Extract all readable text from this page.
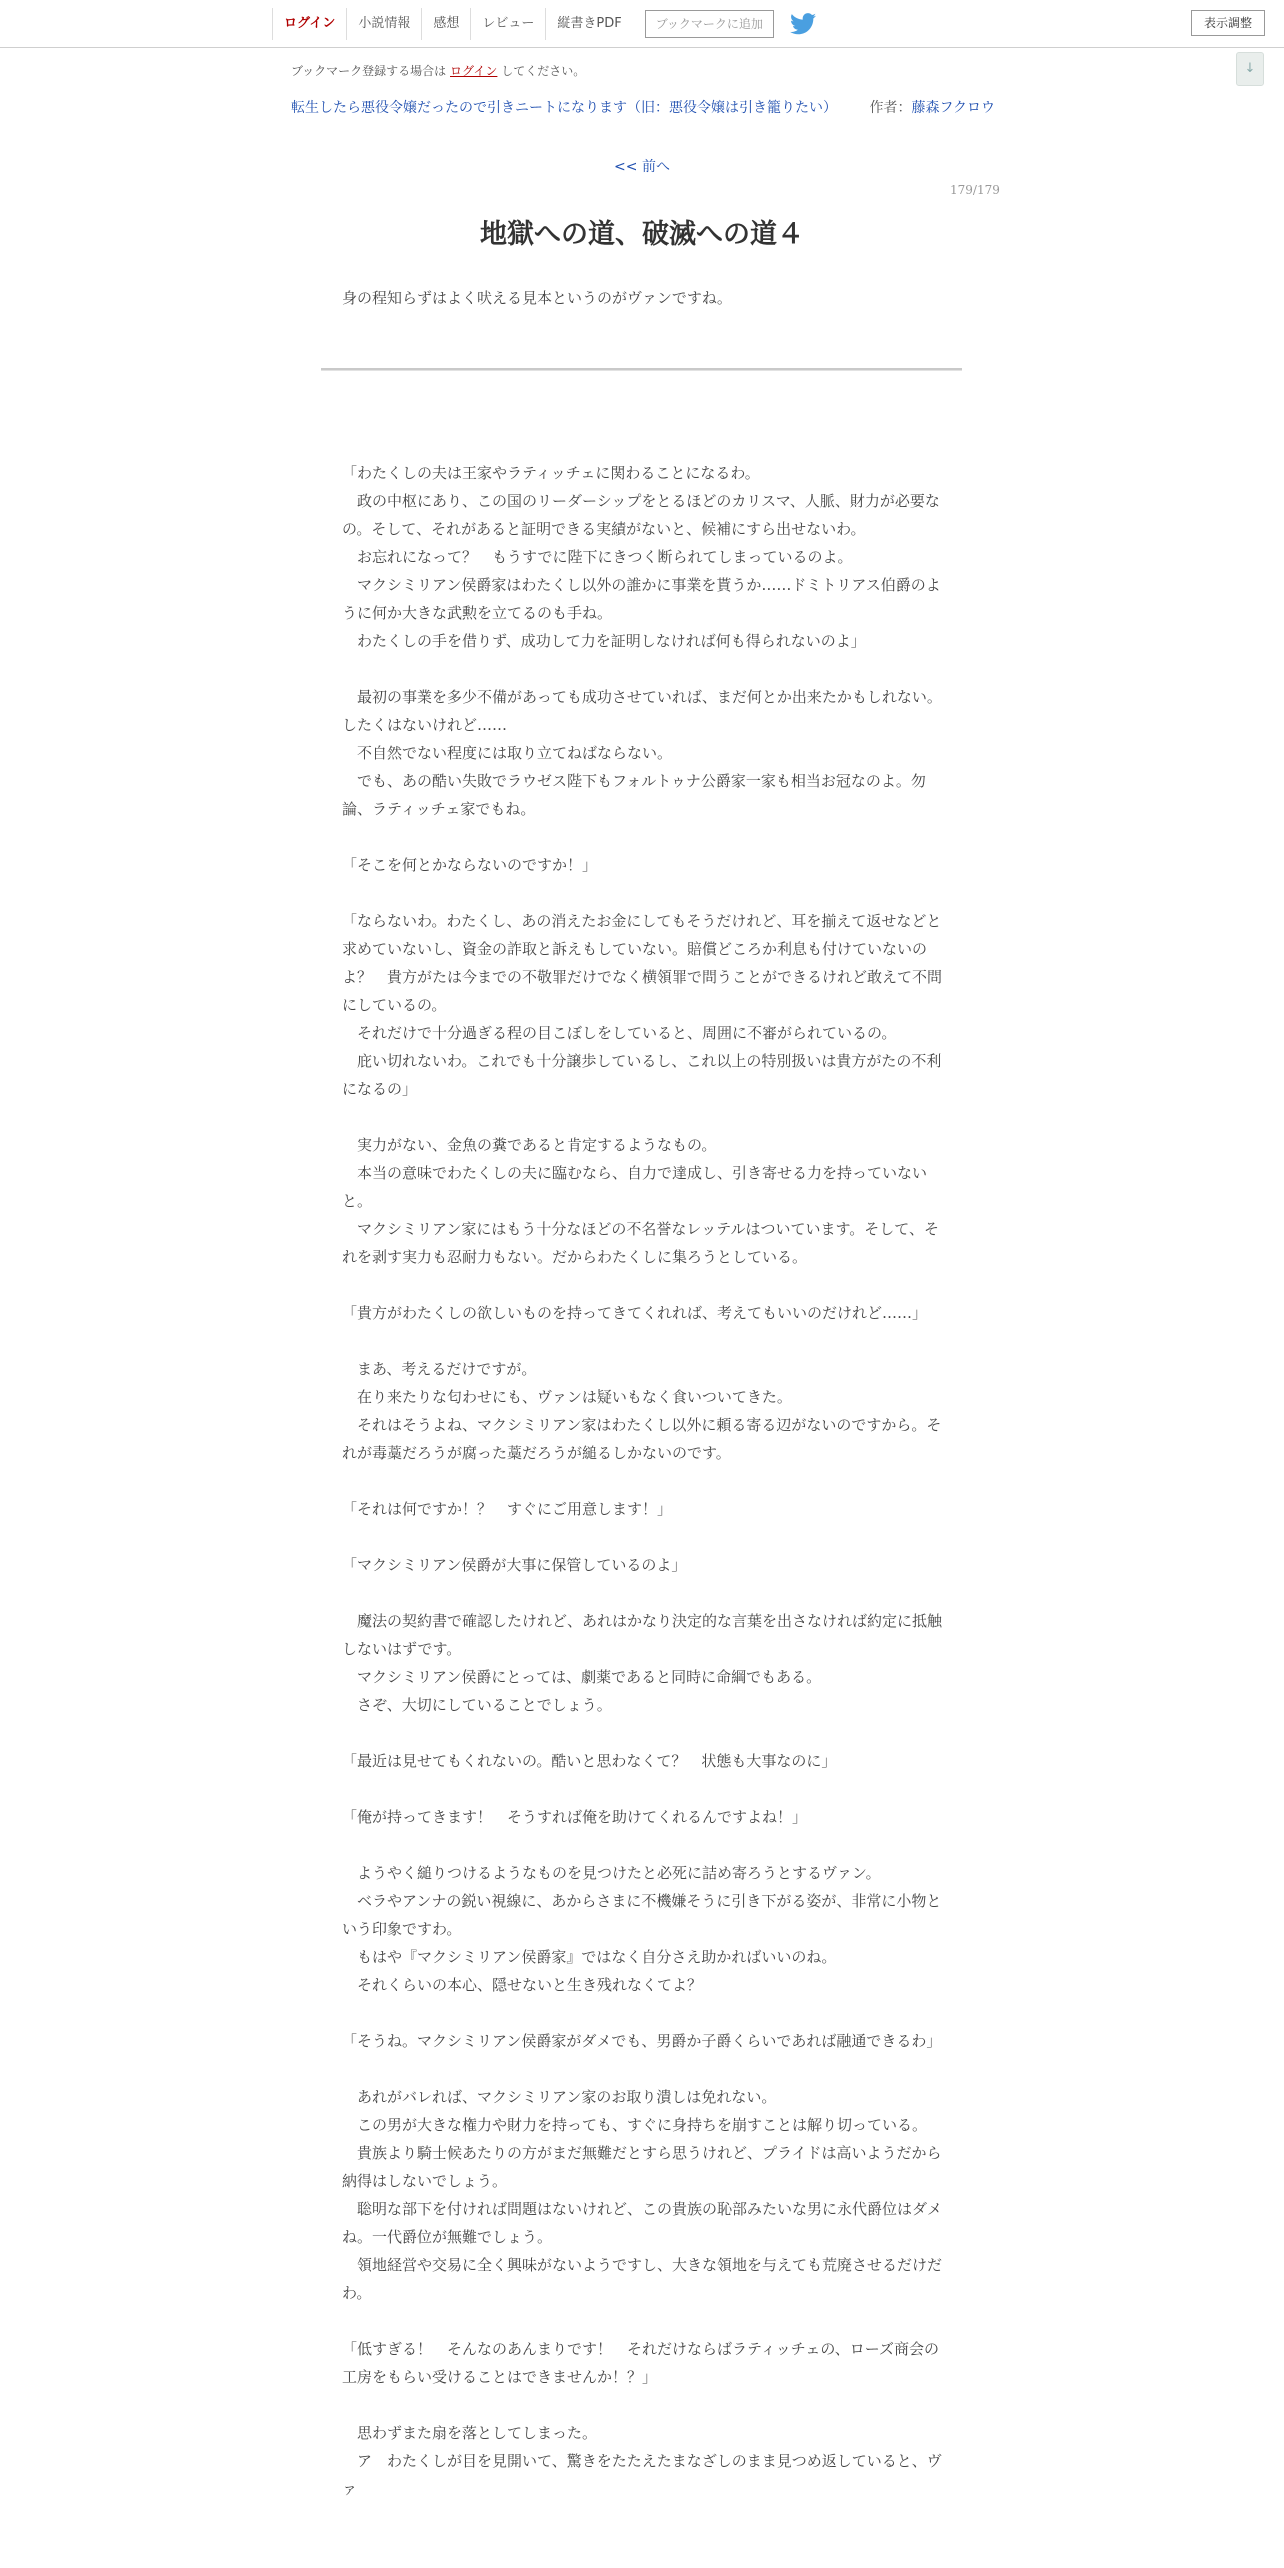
ログイン	小説情報	感想	レビュー	縦書きPDF	ブックマークに追加	表示調整
↓
ブックマーク登録する場合は ログイン してください。
転生したら悪役令嬢だったので引きニートになります（旧：悪役令嬢は引き籠りたい） 作者：藤森フクロウ
<< 前へ
179/179
地獄への道、破滅への道４
身の程知らずはよく吠える見本というのがヴァンですね。

「わたくしの夫は王家やラティッチェに関わることになるわ。

　政の中枢にあり、この国のリーダーシップをとるほどのカリスマ、人脈、財力が必要なの。そして、それがあると証明できる実績がないと、候補にすら出せないわ。

　お忘れになって？　もうすでに陛下にきつく断られてしまっているのよ。

　マクシミリアン侯爵家はわたくし以外の誰かに事業を貰うか……ドミトリアス伯爵のように何か大きな武勲を立てるのも手ね。

　わたくしの手を借りず、成功して力を証明しなければ何も得られないのよ」

　最初の事業を多少不備があっても成功させていれば、まだ何とか出来たかもしれない。したくはないけれど……

　不自然でない程度には取り立てねばならない。

　でも、あの酷い失敗でラウゼス陛下もフォルトゥナ公爵家一家も相当お冠なのよ。勿論、ラティッチェ家でもね。

「そこを何とかならないのですか！」

「ならないわ。わたくし、あの消えたお金にしてもそうだけれど、耳を揃えて返せなどと求めていないし、資金の詐取と訴えもしていない。賠償どころか利息も付けていないのよ？　貴方がたは今までの不敬罪だけでなく横領罪で問うことができるけれど敢えて不問にしているの。

　それだけで十分過ぎる程の目こぼしをしていると、周囲に不審がられているの。

　庇い切れないわ。これでも十分譲歩しているし、これ以上の特別扱いは貴方がたの不利になるの」

　実力がない、金魚の糞であると肯定するようなもの。

　本当の意味でわたくしの夫に臨むなら、自力で達成し、引き寄せる力を持っていないと。

　マクシミリアン家にはもう十分なほどの不名誉なレッテルはついています。そして、それを剥す実力も忍耐力もない。だからわたくしに集ろうとしている。

「貴方がわたくしの欲しいものを持ってきてくれれば、考えてもいいのだけれど……」

　まあ、考えるだけですが。

　在り来たりな匂わせにも、ヴァンは疑いもなく食いついてきた。

　それはそうよね、マクシミリアン家はわたくし以外に頼る寄る辺がないのですから。それが毒藁だろうが腐った藁だろうが縋るしかないのです。

「それは何ですか！？　すぐにご用意します！」

「マクシミリアン侯爵が大事に保管しているのよ」

　魔法の契約書で確認したけれど、あれはかなり決定的な言葉を出さなければ約定に抵触しないはずです。

　マクシミリアン侯爵にとっては、劇薬であると同時に命綱でもある。

　さぞ、大切にしていることでしょう。

「最近は見せてもくれないの。酷いと思わなくて？　状態も大事なのに」

「俺が持ってきます！　そうすれば俺を助けてくれるんですよね！」

　ようやく縋りつけるようなものを見つけたと必死に詰め寄ろうとするヴァン。

　ベラやアンナの鋭い視線に、あからさまに不機嫌そうに引き下がる姿が、非常に小物という印象ですわ。

　もはや『マクシミリアン侯爵家』ではなく自分さえ助かればいいのね。

　それくらいの本心、隠せないと生き残れなくてよ？

「そうね。マクシミリアン侯爵家がダメでも、男爵か子爵くらいであれば融通できるわ」

　あれがバレれば、マクシミリアン家のお取り潰しは免れない。

　この男が大きな権力や財力を持っても、すぐに身持ちを崩すことは解り切っている。

　貴族より騎士候あたりの方がまだ無難だとすら思うけれど、プライドは高いようだから納得はしないでしょう。

　聡明な部下を付ければ問題はないけれど、この貴族の恥部みたいな男に永代爵位はダメね。一代爵位が無難でしょう。

　領地経営や交易に全く興味がないようですし、大きな領地を与えても荒廃させるだけだわ。

「低すぎる！　そんなのあんまりです！　それだけならばラティッチェの、ローズ商会の工房をもらい受けることはできませんか！？」

　思わずまた扇を落としてしまった。

　ア　わたくしが目を見開いて、驚きをたたえたまなざしのまま見つめ返していると、ヴァ
